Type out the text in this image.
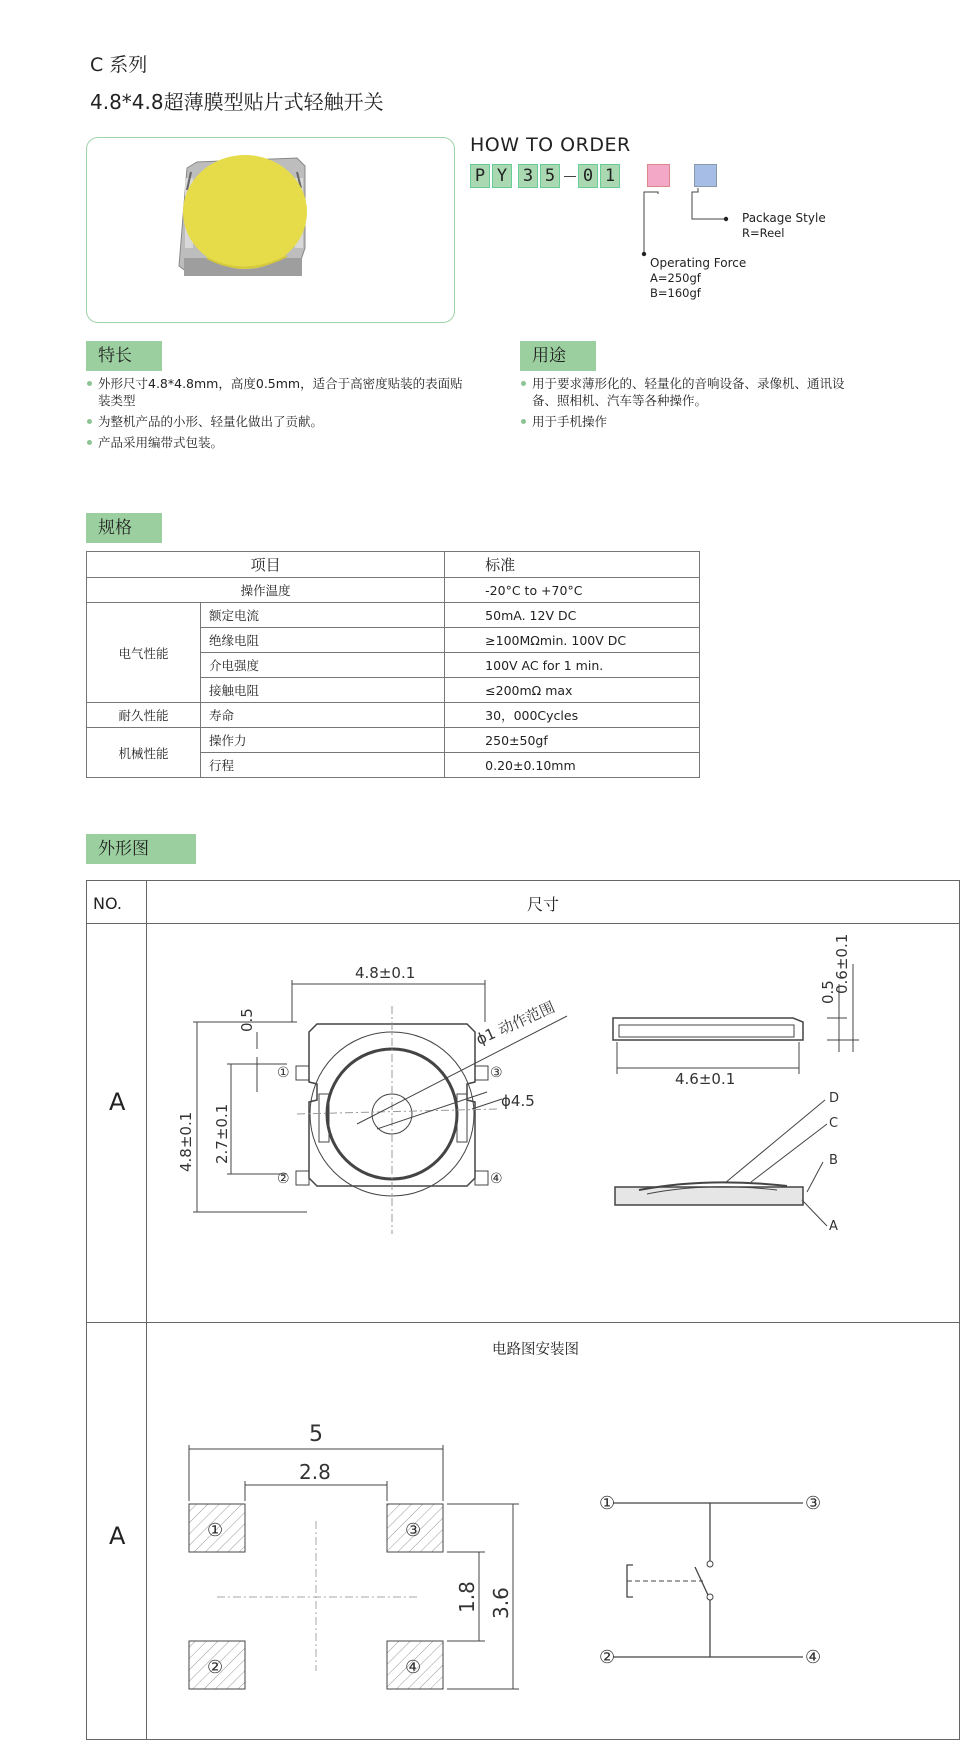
C 系列
4.8*4.8超薄膜型贴片式轻触开关
HOW TO ORDER
P Y 3 5 0 1
Package Style
R=Reel
Operating Force
A=250gf
B=160gf
特长
外形尺寸4.8*4.8mm，高度0.5mm，适合于高密度贴装的表面贴装类型
为整机产品的小形、轻量化做出了贡献。
产品采用编带式包装。
用途
用于要求薄形化的、轻量化的音响设备、录像机、通讯设备、照相机、汽车等各种操作。
用于手机操作
规格
项目		标准
操作温度		-20°C to +70°C
电气性能	额定电流	50mA. 12V DC
	绝缘电阻	≥100MΩmin. 100V DC
	介电强度	100V AC for 1 min.
	接触电阻	≤200mΩ max
耐久性能	寿命	30，000Cycles
机械性能	操作力	250±50gf
	行程	0.20±0.10mm
外形图
NO.	尺寸
A
A
4.8±0.1
4.8±0.1 2.7±0.1
0.5	ϕ1 动作范围
ϕ4.5
4.6±0.1
0.5
0.6±0.1
D
C
B
A
①
②
③
④
电路图安装图
5
2.8
1.8 3.6
①	③
②	④
①	③
②	④
